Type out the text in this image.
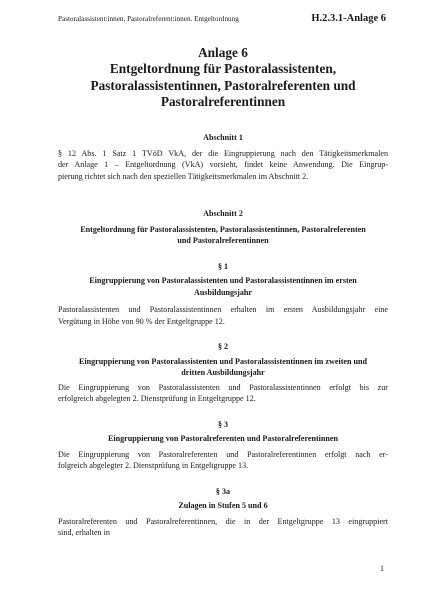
Pastoralassistent:innen, Pastoralreferent:innen. Entgeltordnung	H.2.3.1-Anlage 6
Anlage 6
Entgeltordnung für Pastoralassistenten,
Pastoralassistentinnen, Pastoralreferenten und
Pastoralreferentinnen
Abschnitt 1
§ 12 Abs. 1 Satz 1 TVöD VkA, der die Eingruppierung nach den Tätigkeitsmerkmalen
der Anlage 1 – Entgeltordnung (VkA) vorsieht, findet keine Anwendung. Die Eingrup-
pierung richtet sich nach den speziellen Tätigkeitsmerkmalen im Abschnitt 2.
Abschnitt 2
Entgeltordnung für Pastoralassistenten, Pastoralassistentinnen, Pastoralreferenten
und Pastoralreferentinnen
§ 1
Eingruppierung von Pastoralassistenten und Pastoralassistentinnen im ersten
Ausbildungsjahr
Pastoralassistenten und Pastoralassistentinnen erhalten im ersten Ausbildungsjahr eine
Vergütung in Höhe von 90 % der Entgeltgruppe 12.
§ 2
Eingruppierung von Pastoralassistenten und Pastoralassistentinnen im zweiten und
dritten Ausbildungsjahr
Die Eingruppierung von Pastoralassistenten und Pastoralassistentinnen erfolgt bis zur
erfolgreich abgelegten 2. Dienstprüfung in Entgeltgruppe 12.
§ 3
Eingruppierung von Pastoralreferenten und Pastoralreferentinnen
Die Eingruppierung von Pastoralreferenten und Pastoralreferentinnen erfolgt nach er-
folgreich abgelegter 2. Dienstprüfung in Entgeltgruppe 13.
§ 3a
Zulagen in Stufen 5 und 6
Pastoralreferenten und Pastoralreferentinnen, die in der Entgeltgruppe 13 eingruppiert
sind, erhalten in
1
